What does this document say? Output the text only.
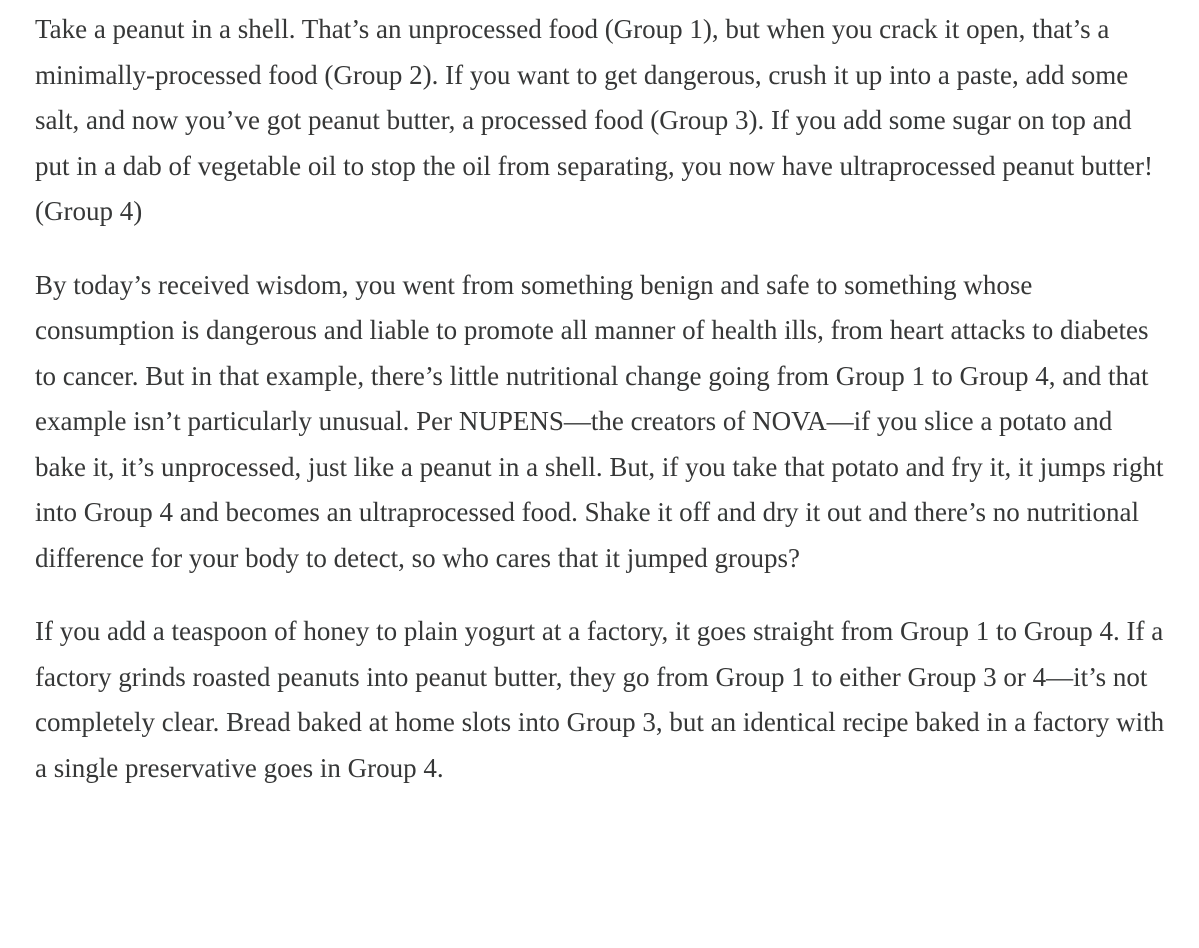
Take a peanut in a shell. That’s an unprocessed food (Group 1), but when you crack it open, that’s a minimally-processed food (Group 2). If you want to get dangerous, crush it up into a paste, add some salt, and now you’ve got peanut butter, a processed food (Group 3). If you add some sugar on top and put in a dab of vegetable oil to stop the oil from separating, you now have ultraprocessed peanut butter! (Group 4)

By today’s received wisdom, you went from something benign and safe to something whose consumption is dangerous and liable to promote all manner of health ills, from heart attacks to diabetes to cancer. But in that example, there’s little nutritional change going from Group 1 to Group 4, and that example isn’t particularly unusual. Per NUPENS—the creators of NOVA—if you slice a potato and bake it, it’s unprocessed, just like a peanut in a shell. But, if you take that potato and fry it, it jumps right into Group 4 and becomes an ultraprocessed food. Shake it off and dry it out and there’s no nutritional difference for your body to detect, so who cares that it jumped groups?

If you add a teaspoon of honey to plain yogurt at a factory, it goes straight from Group 1 to Group 4. If a factory grinds roasted peanuts into peanut butter, they go from Group 1 to either Group 3 or 4—it’s not completely clear. Bread baked at home slots into Group 3, but an identical recipe baked in a factory with a single preservative goes in Group 4.
